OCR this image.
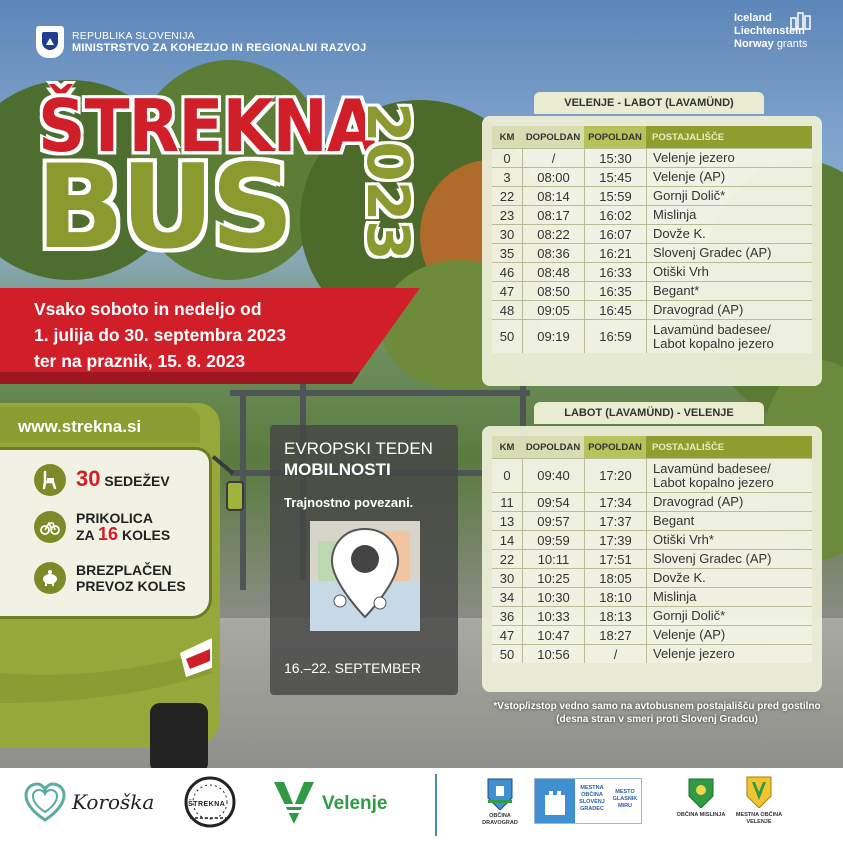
REPUBLIKA SLOVENIJA
MINISTRSTVO ZA KOHEZIJO IN REGIONALNI RAZVOJ
Iceland
Liechtenstein
Norway grants
ŠTREKNA
BUS 2023
Vsako soboto in nedeljo od
1. julija do 30. septembra 2023
ter na praznik, 15. 8. 2023
www.strekna.si
30 SEDEŽEV
PRIKOLICA
ZA 16 KOLES
BREZPLAČEN
PREVOZ KOLES
EVROPSKI TEDEN
MOBILNOSTI
Trajnostno povezani.
16.–22. SEPTEMBER
VELENJE - LABOT (LAVAMÜND)
KM	DOPOLDAN	POPOLDAN	POSTAJALIŠČE
0	/	15:30	Velenje jezero
3	08:00	15:45	Velenje (AP)
22	08:14	15:59	Gornji Dolič*
23	08:17	16:02	Mislinja
30	08:22	16:07	Dovže K.
35	08:36	16:21	Slovenj Gradec (AP)
46	08:48	16:33	Otiški Vrh
47	08:50	16:35	Begant*
48	09:05	16:45	Dravograd (AP)
50	09:19	16:59	Lavamünd badesee/
Labot kopalno jezero
LABOT (LAVAMÜND) - VELENJE
KM	DOPOLDAN	POPOLDAN	POSTAJALIŠČE
0	09:40	17:20	Lavamünd badesee/
Labot kopalno jezero
11	09:54	17:34	Dravograd (AP)
13	09:57	17:37	Begant
14	09:59	17:39	Otiški Vrh*
22	10:11	17:51	Slovenj Gradec (AP)
30	10:25	18:05	Dovže K.
34	10:30	18:10	Mislinja
36	10:33	18:13	Gornji Dolič*
47	10:47	18:27	Velenje (AP)
50	10:56	/	Velenje jezero
*Vstop/izstop vedno samo na avtobusnem postajališču pred gostilno (desna stran v smeri proti Slovenj Gradcu)
Koroška	ŠTREKNA	Velenje
OBČINA
DRAVOGRAD
MESTNA
OBČINA
SLOVENJ
GRADEC
MESTO
GLASNIK
MIRU
OBČINA MISLINJA	MESTNA OBČINA
VELENJE
